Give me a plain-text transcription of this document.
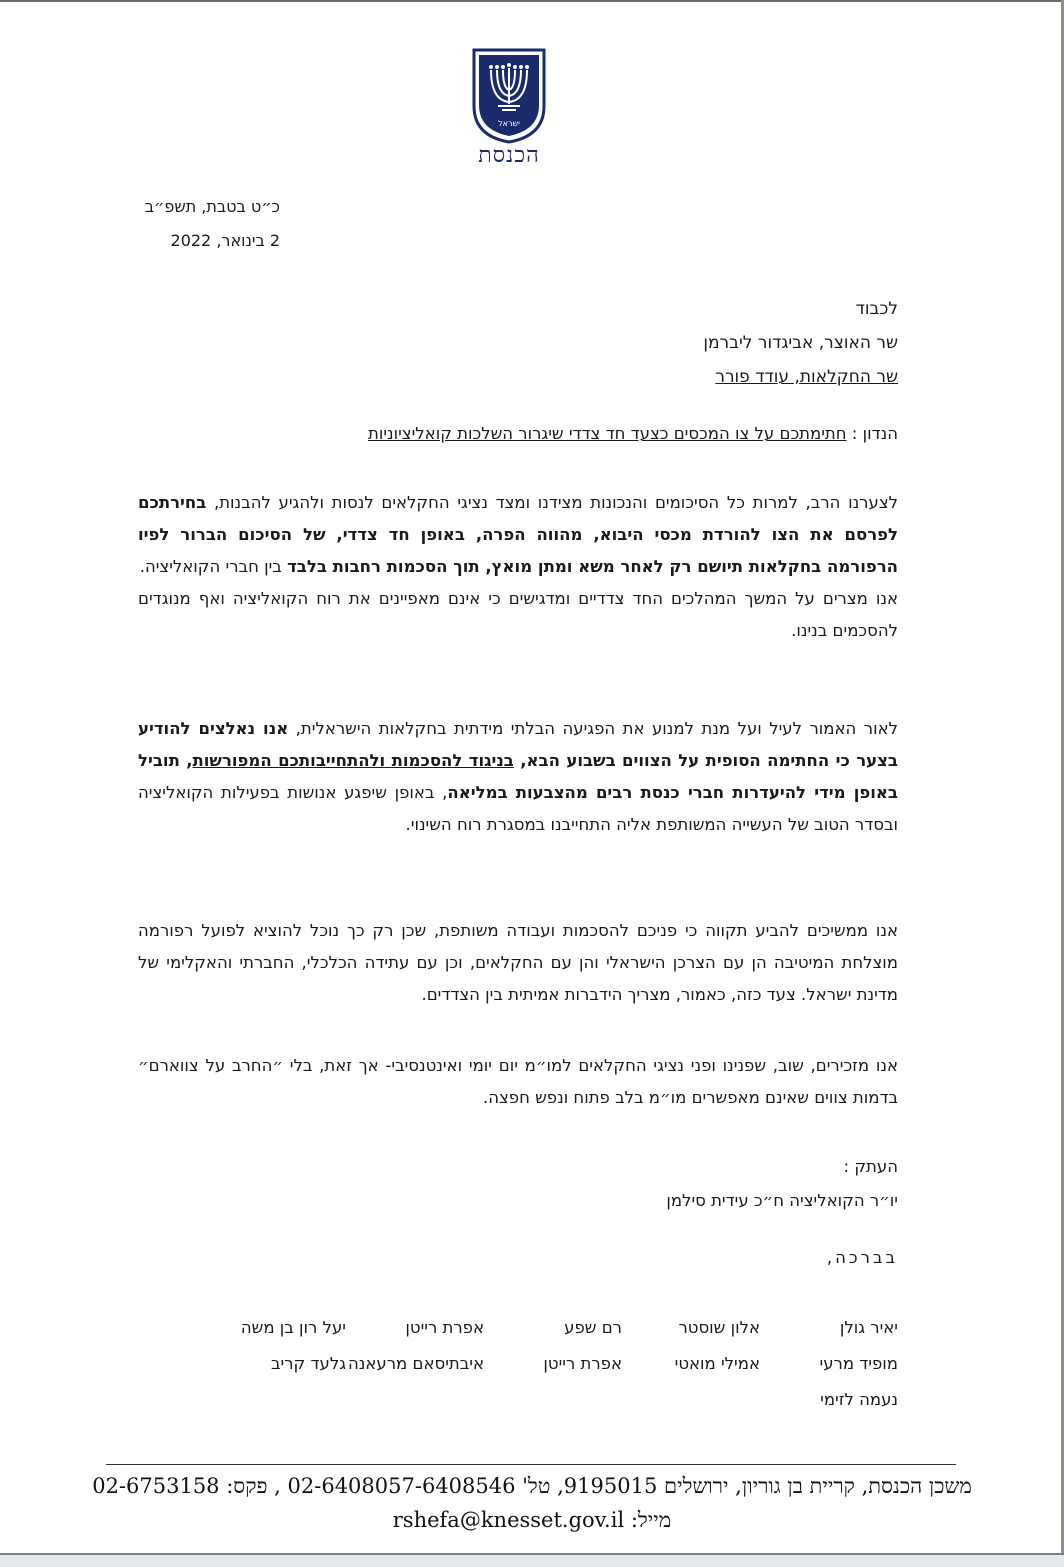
ישראל
הכנסת
כ״ט בטבת, תשפ״ב
2 בינואר, 2022
לכבוד
שר האוצר, אביגדור ליברמן
שר החקלאות, עודד פורר
הנדון : חתימתכם על צו המכסים כצעד חד צדדי שיגרור השלכות קואליציוניות
לצערנו הרב, למרות כל הסיכומים והנכונות מצידנו ומצד נציגי החקלאים לנסות ולהגיע להבנות, בחירתכם לפרסם את הצו להורדת מכסי היבוא, מהווה הפרה, באופן חד צדדי, של הסיכום הברור לפיו הרפורמה בחקלאות תיושם רק לאחר משא ומתן מואץ, תוך הסכמות רחבות בלבד בין חברי הקואליציה.
אנו מצרים על המשך המהלכים החד צדדיים ומדגישים כי אינם מאפיינים את רוח הקואליציה ואף מנוגדים להסכמים בנינו.
לאור האמור לעיל ועל מנת למנוע את הפגיעה הבלתי מידתית בחקלאות הישראלית, אנו נאלצים להודיע בצער כי החתימה הסופית על הצווים בשבוע הבא, בניגוד להסכמות ולהתחייבותכם המפורשות, תוביל באופן מידי להיעדרות חברי כנסת רבים מהצבעות במליאה, באופן שיפגע אנושות בפעילות הקואליציה ובסדר הטוב של העשייה המשותפת אליה התחייבנו במסגרת רוח השינוי.
אנו ממשיכים להביע תקווה כי פניכם להסכמות ועבודה משותפת, שכן רק כך נוכל להוציא לפועל רפורמה מוצלחת המיטיבה הן עם הצרכן הישראלי והן עם החקלאים, וכן עם עתידה הכלכלי, החברתי והאקלימי של מדינת ישראל. צעד כזה, כאמור, מצריך הידברות אמיתית בין הצדדים.
אנו מזכירים, שוב, שפנינו ופני נציגי החקלאים למו״מ יום יומי ואינטנסיבי- אך זאת, בלי ״החרב על צווארם״ בדמות צווים שאינם מאפשרים מו״מ בלב פתוח ונפש חפצה.
העתק :
יו״ר הקואליציה ח״כ עידית סילמן
בברכה,
יאיר גולן
אלון שוסטר
רם שפע
אפרת רייטן
יעל רון בן משה
מופיד מרעי
אמילי מואטי
אפרת רייטן
איבתיסאם מרעאנה
גלעד קריב
נעמה לזימי
משכן הכנסת, קריית בן גוריון, ירושלים 9195015, טל' 02-6408057-6408546 , פקס: 02-6753158
מייל: rshefa@knesset.gov.il
